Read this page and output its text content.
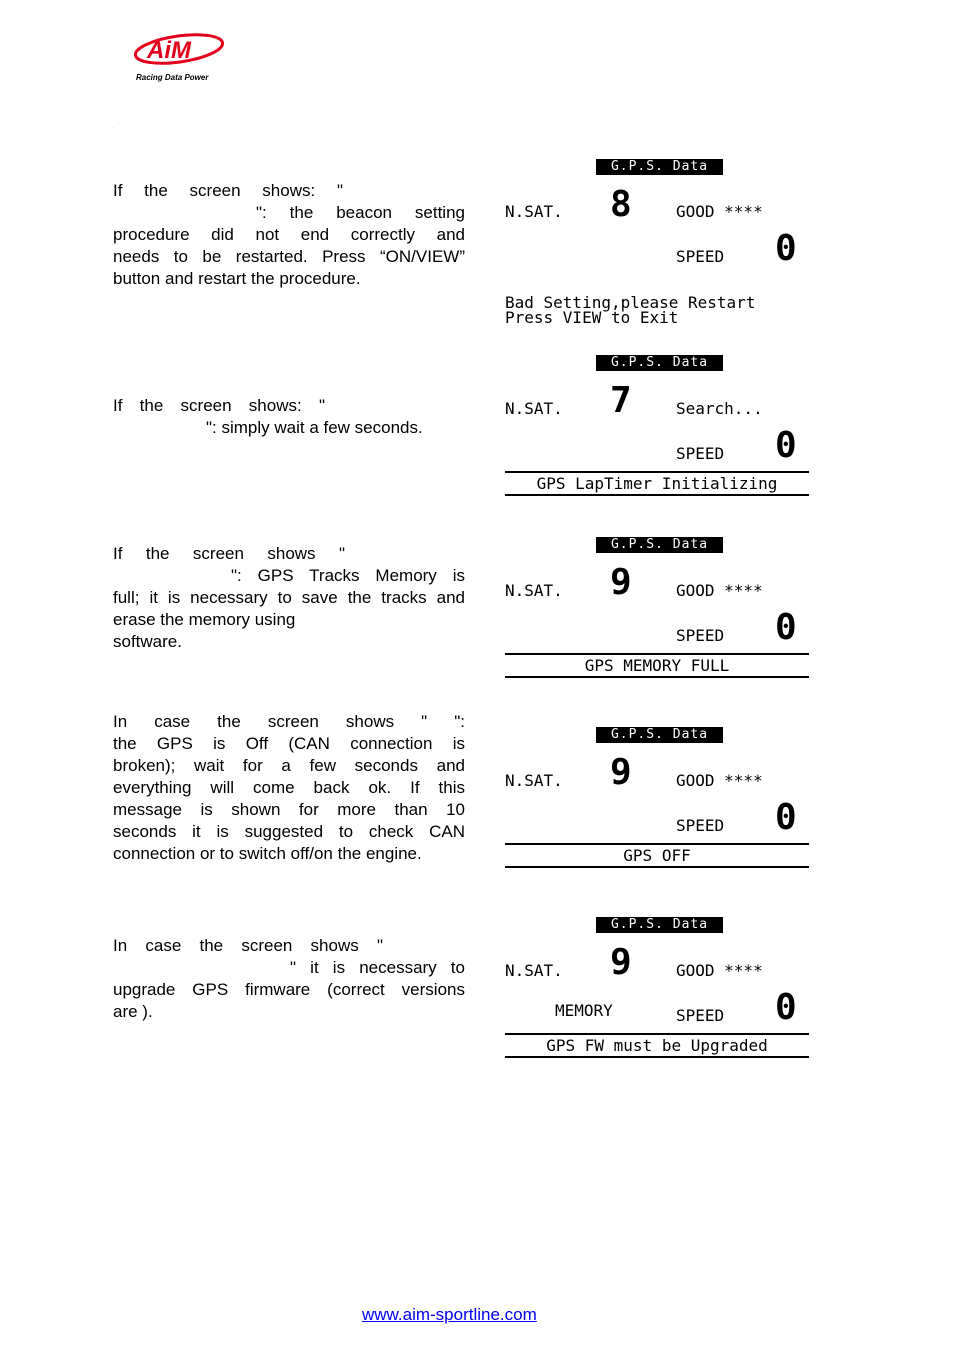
AiM
Racing Data Power
.
If the screen shows: "
": the beacon setting
procedure did not end correctly and
needs to be restarted. Press “ON/VIEW”
button and restart the procedure.
If the screen shows: "
": simply wait a few seconds.
If the screen shows "
": GPS Tracks Memory is
full; it is necessary to save the tracks and
erase the memory using
software.
In case the screen shows " ":
the GPS is Off (CAN connection is
broken); wait for a few seconds and
everything will come back ok. If this
message is shown for more than 10
seconds it is suggested to check CAN
connection or to switch off/on the engine.
In case the screen shows "
" it is necessary to
upgrade GPS firmware (correct versions
are ).
G.P.S. Data
N.SAT. 8	GOOD ****
SPEED 0
Bad Setting,please Restart
Press VIEW to Exit
G.P.S. Data
N.SAT. 7	Search...
SPEED 0
GPS LapTimer Initializing
G.P.S. Data
N.SAT. 9	GOOD ****
SPEED 0
GPS MEMORY FULL
G.P.S. Data
N.SAT. 9	GOOD ****
SPEED 0
GPS OFF
G.P.S. Data
N.SAT. 9	GOOD ****
MEMORY	SPEED 0
GPS FW must be Upgraded
www.aim-sportline.com
